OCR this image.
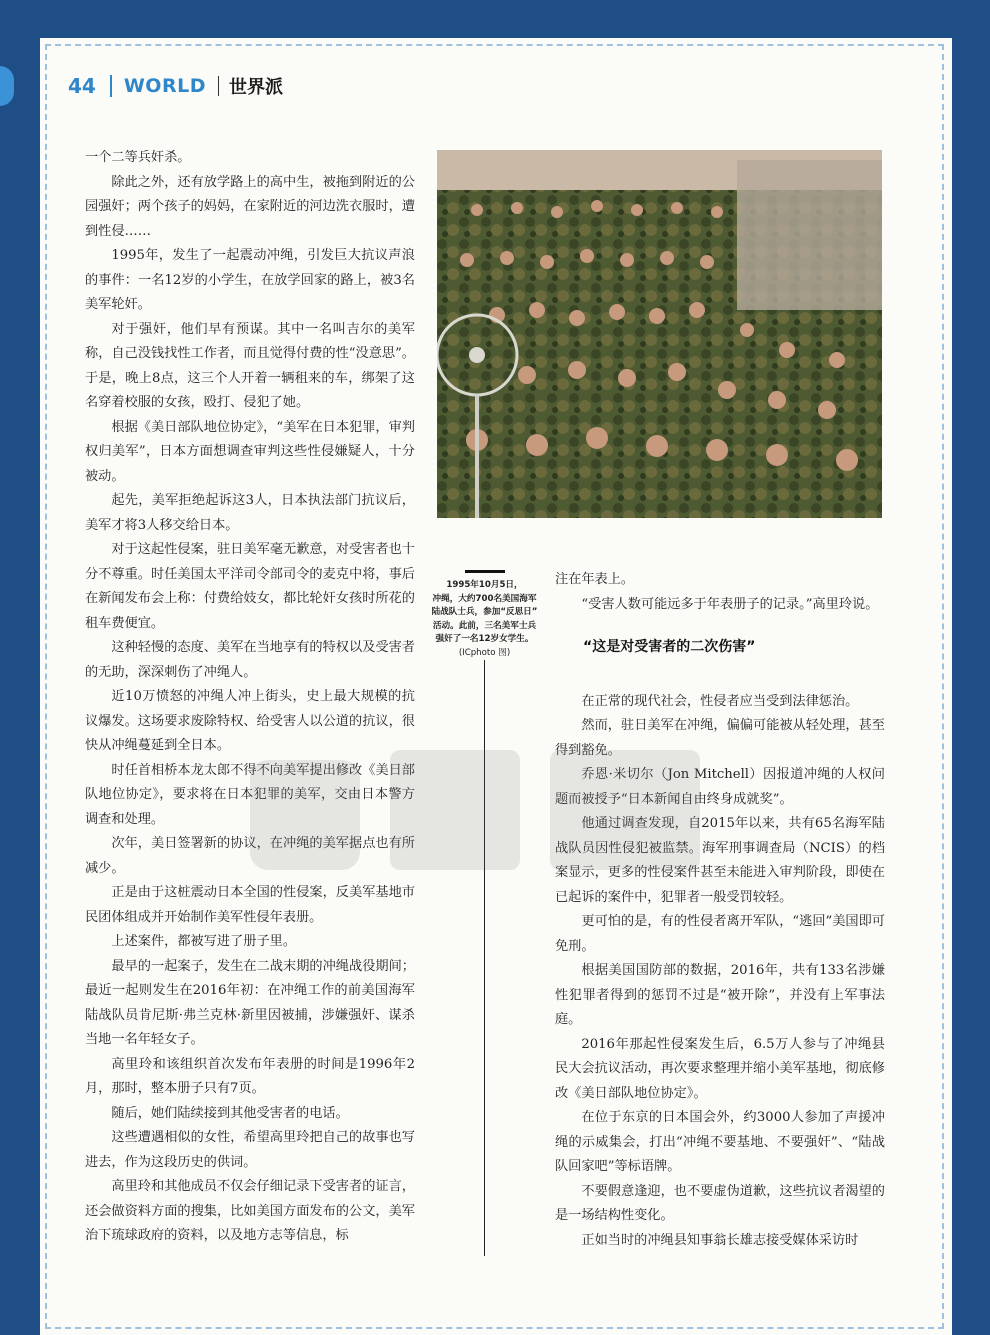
44 WORLD 世界派

一个二等兵奸杀。

除此之外，还有放学路上的高中生，被拖到附近的公园强奸；两个孩子的妈妈，在家附近的河边洗衣服时，遭到性侵……

1995年，发生了一起震动冲绳，引发巨大抗议声浪的事件：一名12岁的小学生，在放学回家的路上，被3名美军轮奸。

对于强奸，他们早有预谋。其中一名叫吉尔的美军称，自己没钱找性工作者，而且觉得付费的性“没意思”。于是，晚上8点，这三个人开着一辆租来的车，绑架了这名穿着校服的女孩，殴打、侵犯了她。

根据《美日部队地位协定》，“美军在日本犯罪，审判权归美军”，日本方面想调查审判这些性侵嫌疑人，十分被动。

起先，美军拒绝起诉这3人，日本执法部门抗议后，美军才将3人移交给日本。

对于这起性侵案，驻日美军毫无歉意，对受害者也十分不尊重。时任美国太平洋司令部司令的麦克中将，事后在新闻发布会上称：付费给妓女，都比轮奸女孩时所花的租车费便宜。

这种轻慢的态度、美军在当地享有的特权以及受害者的无助，深深刺伤了冲绳人。

近10万愤怒的冲绳人冲上街头，史上最大规模的抗议爆发。这场要求废除特权、给受害人以公道的抗议，很快从冲绳蔓延到全日本。

时任首相桥本龙太郎不得不向美军提出修改《美日部队地位协定》，要求将在日本犯罪的美军，交由日本警方调查和处理。

次年，美日签署新的协议，在冲绳的美军据点也有所减少。

正是由于这桩震动日本全国的性侵案，反美军基地市民团体组成并开始制作美军性侵年表册。

上述案件，都被写进了册子里。

最早的一起案子，发生在二战末期的冲绳战役期间；最近一起则发生在2016年初：在冲绳工作的前美国海军陆战队员肯尼斯·弗兰克林·新里因被捕，涉嫌强奸、谋杀当地一名年轻女子。

高里玲和该组织首次发布年表册的时间是1996年2月，那时，整本册子只有7页。

随后，她们陆续接到其他受害者的电话。

这些遭遇相似的女性，希望高里玲把自己的故事也写进去，作为这段历史的供词。

高里玲和其他成员不仅会仔细记录下受害者的证言，还会做资料方面的搜集，比如美国方面发布的公文，美军治下琉球政府的资料，以及地方志等信息，标

1995年10月5日，
冲绳，大约700名美国海军
陆战队士兵，参加“反思日”
活动。此前，三名美军士兵
强奸了一名12岁女学生。
(ICphoto 图)

注在年表上。

“受害人数可能远多于年表册子的记录。”高里玲说。

“这是对受害者的二次伤害”

在正常的现代社会，性侵者应当受到法律惩治。

然而，驻日美军在冲绳，偏偏可能被从轻处理，甚至得到豁免。

乔恩·米切尔（Jon Mitchell）因报道冲绳的人权问题而被授予“日本新闻自由终身成就奖”。

他通过调查发现，自2015年以来，共有65名海军陆战队员因性侵犯被监禁。海军刑事调查局（NCIS）的档案显示，更多的性侵案件甚至未能进入审判阶段，即使在已起诉的案件中，犯罪者一般受罚较轻。

更可怕的是，有的性侵者离开军队，“逃回”美国即可免刑。

根据美国国防部的数据，2016年，共有133名涉嫌性犯罪者得到的惩罚不过是“被开除”，并没有上军事法庭。

2016年那起性侵案发生后，6.5万人参与了冲绳县民大会抗议活动，再次要求整理并缩小美军基地，彻底修改《美日部队地位协定》。

在位于东京的日本国会外，约3000人参加了声援冲绳的示威集会，打出“冲绳不要基地、不要强奸”、“陆战队回家吧”等标语牌。

不要假意逢迎，也不要虚伪道歉，这些抗议者渴望的是一场结构性变化。

正如当时的冲绳县知事翁长雄志接受媒体采访时
